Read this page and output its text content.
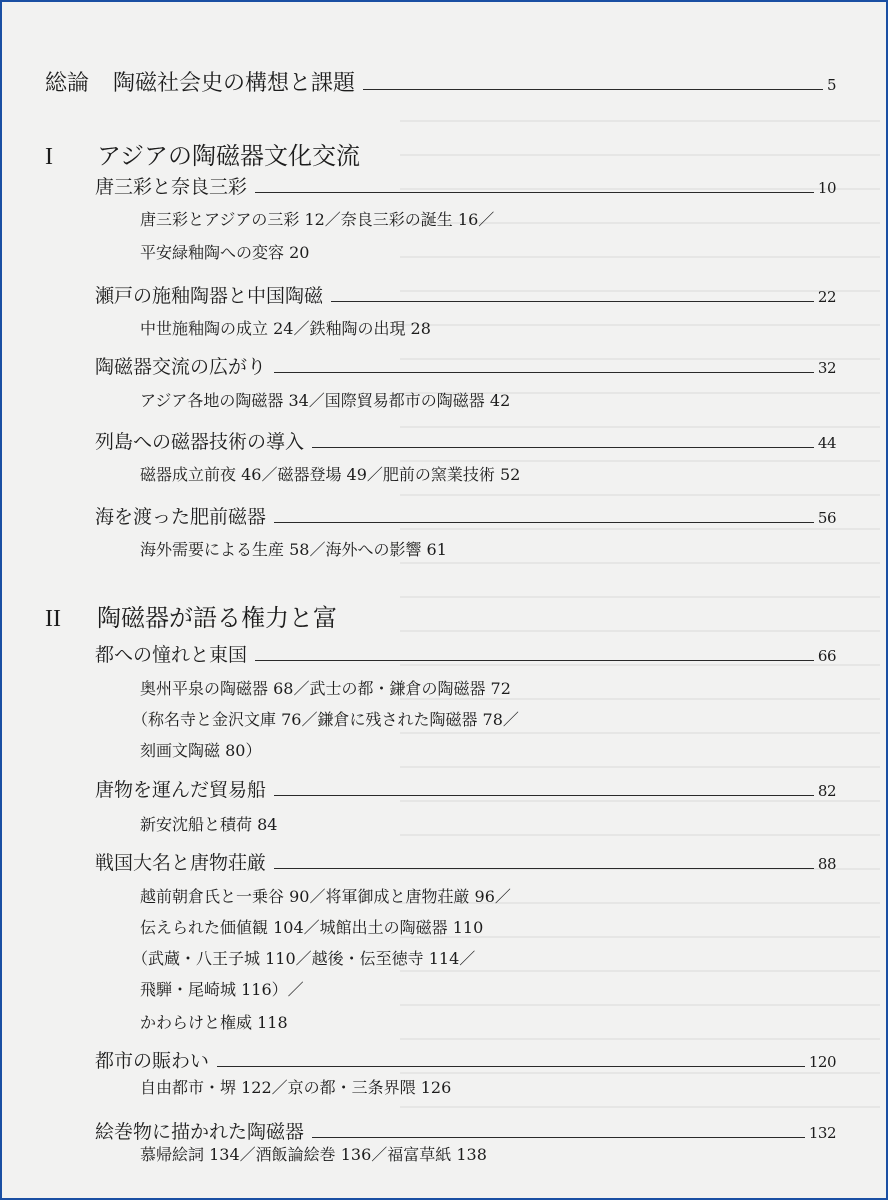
総論 陶磁社会史の構想と課題	5
I	アジアの陶磁器文化交流
唐三彩と奈良三彩	10
唐三彩とアジアの三彩 12／奈良三彩の誕生 16／
平安緑釉陶への変容 20
瀬戸の施釉陶器と中国陶磁	22
中世施釉陶の成立 24／鉄釉陶の出現 28
陶磁器交流の広がり	32
アジア各地の陶磁器 34／国際貿易都市の陶磁器 42
列島への磁器技術の導入	44
磁器成立前夜 46／磁器登場 49／肥前の窯業技術 52
海を渡った肥前磁器	56
海外需要による生産 58／海外への影響 61
II	陶磁器が語る権力と富
都への憧れと東国	66
奥州平泉の陶磁器 68／武士の都・鎌倉の陶磁器 72
（称名寺と金沢文庫 76／鎌倉に残された陶磁器 78／
刻画文陶磁 80）
唐物を運んだ貿易船	82
新安沈船と積荷 84
戦国大名と唐物荘厳	88
越前朝倉氏と一乗谷 90／将軍御成と唐物荘厳 96／
伝えられた価値観 104／城館出土の陶磁器 110
（武蔵・八王子城 110／越後・伝至徳寺 114／
飛騨・尾崎城 116）／
かわらけと権威 118
都市の賑わい	120
自由都市・堺 122／京の都・三条界隈 126
絵巻物に描かれた陶磁器	132
慕帰絵詞 134／酒飯論絵巻 136／福富草紙 138
